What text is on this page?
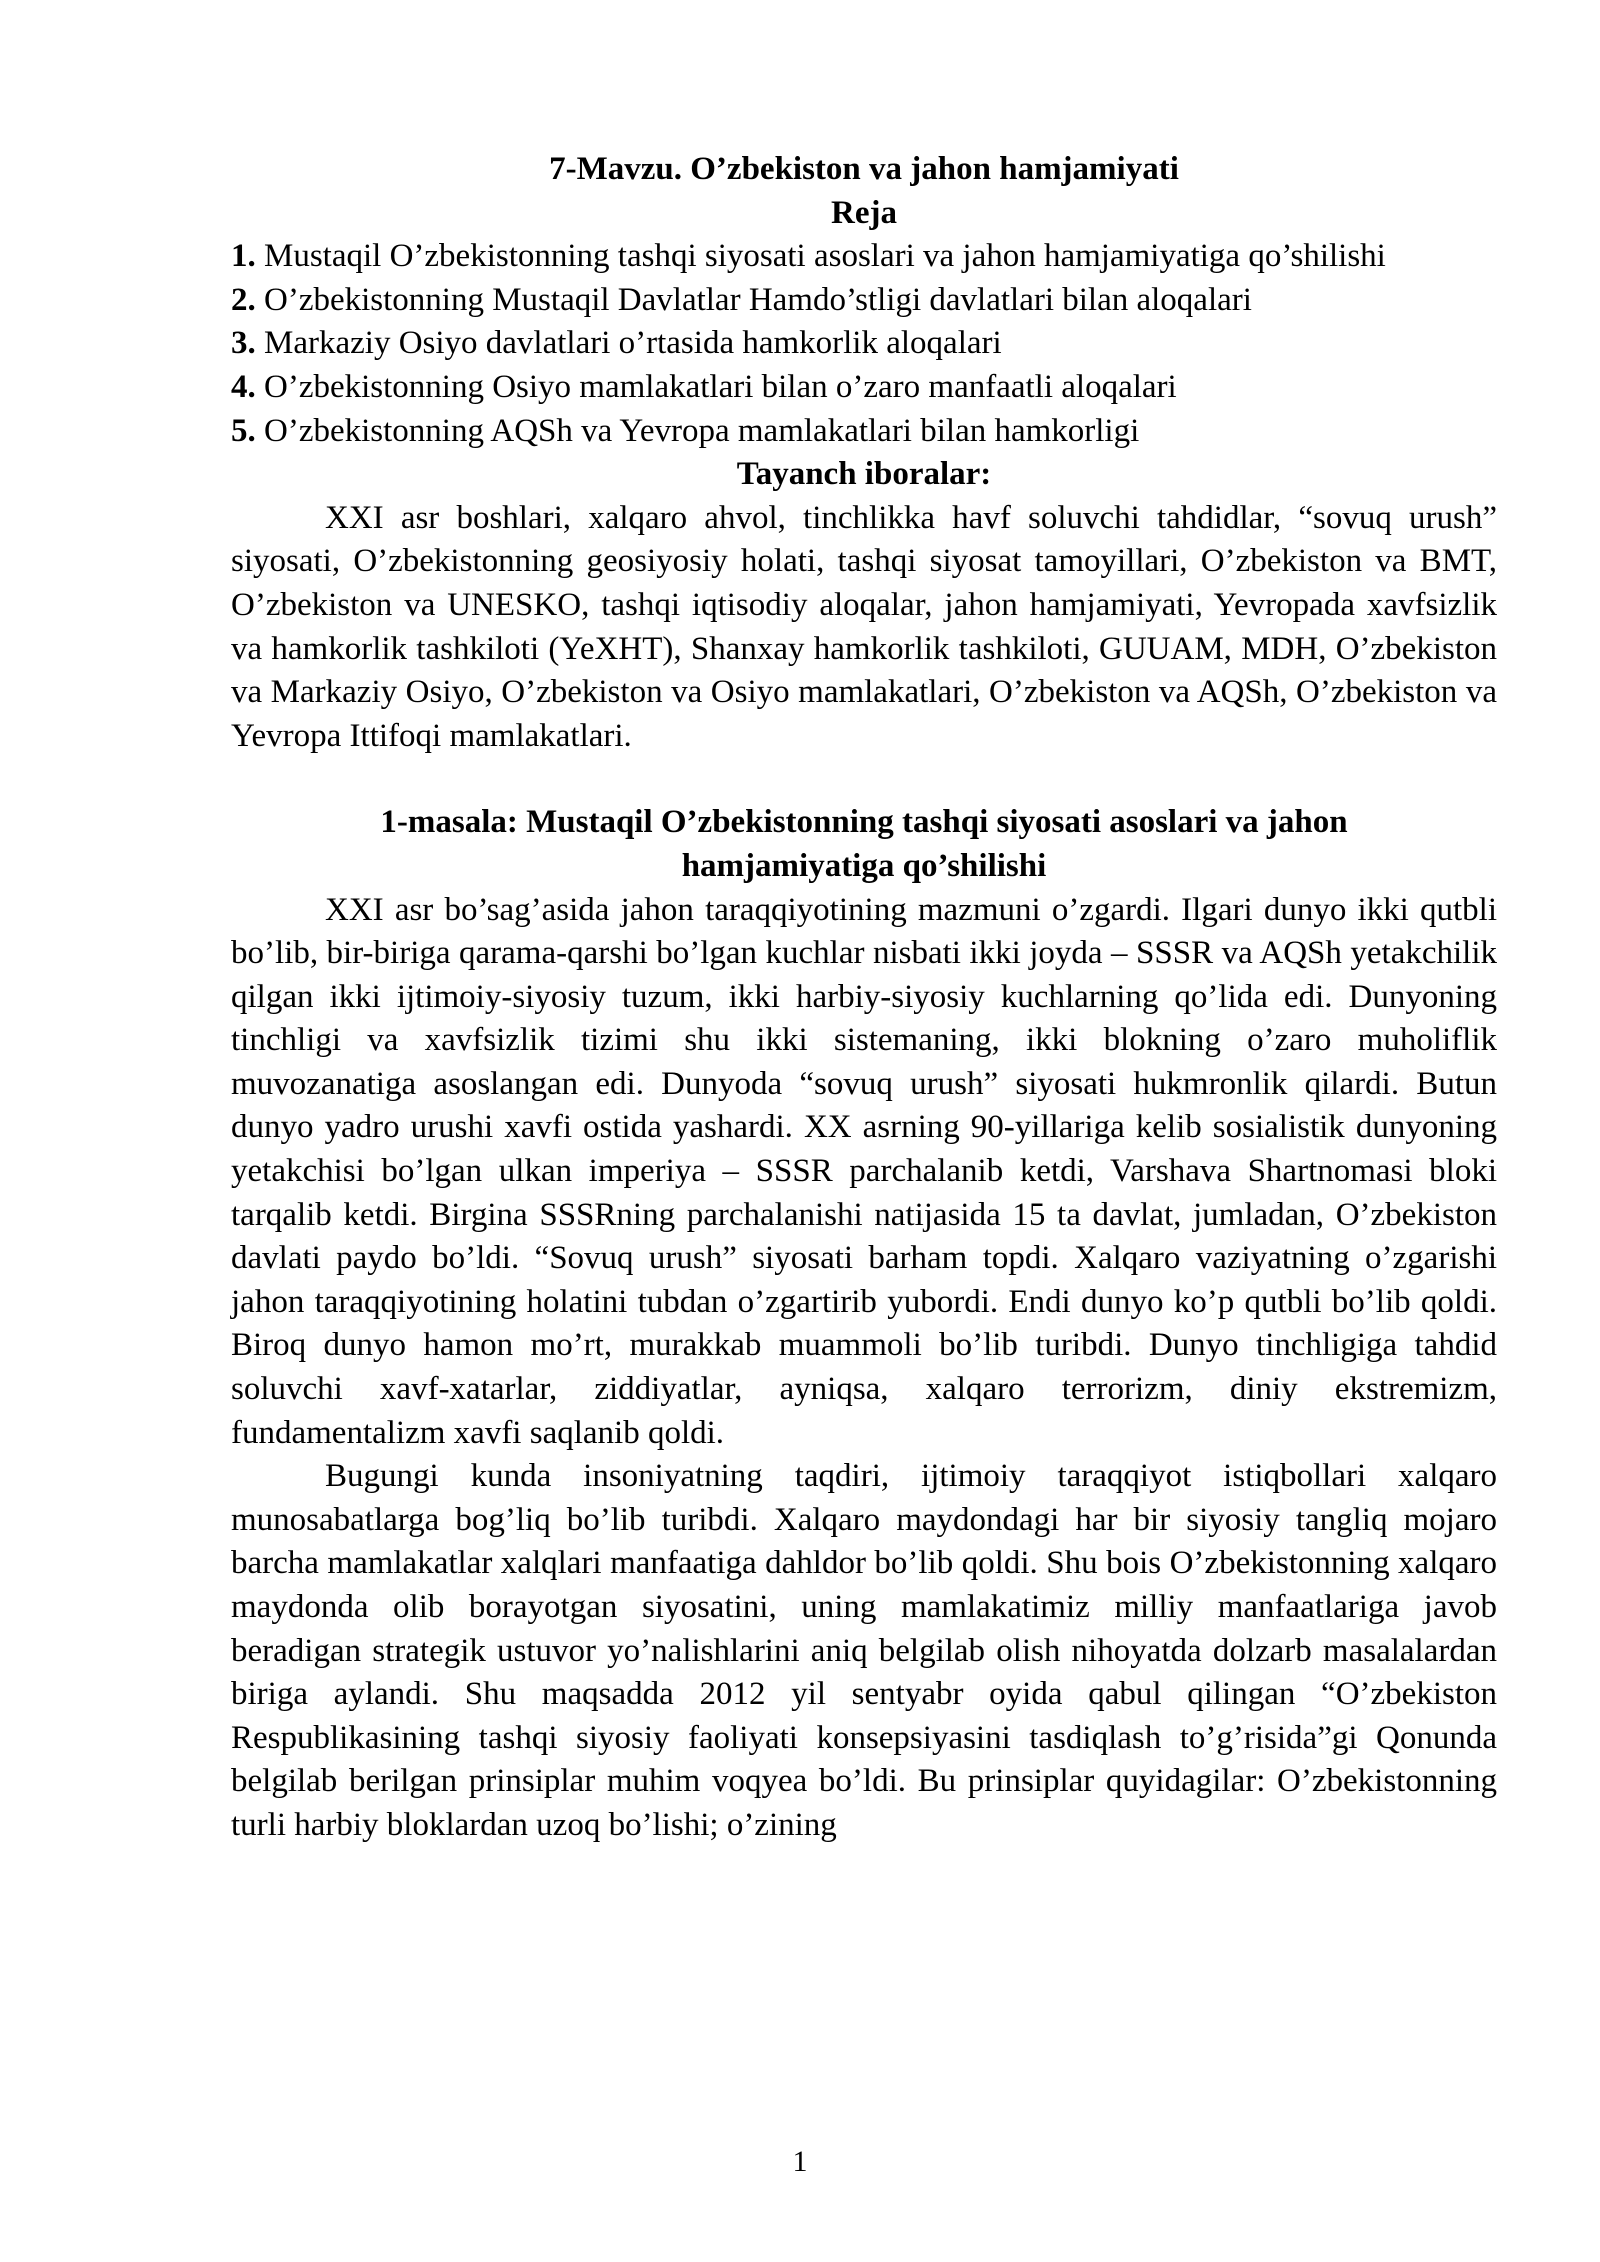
7-Mavzu. O’zbekiston va jahon hamjamiyati
Reja
1. Mustaqil O’zbekistonning tashqi siyosati asoslari va jahon hamjamiyatiga qo’shilishi
2. O’zbekistonning Mustaqil Davlatlar Hamdo’stligi davlatlari bilan aloqalari
3. Markaziy Osiyo davlatlari o’rtasida hamkorlik aloqalari
4. O’zbekistonning Osiyo mamlakatlari bilan o’zaro manfaatli aloqalari
5. O’zbekistonning AQSh va Yevropa mamlakatlari bilan hamkorligi
Tayanch iboralar:
XXI asr boshlari, xalqaro ahvol, tinchlikka havf soluvchi tahdidlar, “sovuq urush” siyosati, O’zbekistonning geosiyosiy holati, tashqi siyosat tamoyillari, O’zbekiston va BMT, O’zbekiston va UNESKO, tashqi iqtisodiy aloqalar, jahon hamjamiyati, Yevropada xavfsizlik va hamkorlik tashkiloti (YeXHT), Shanxay hamkorlik tashkiloti, GUUAM, MDH, O’zbekiston va Markaziy Osiyo, O’zbekiston va Osiyo mamlakatlari, O’zbekiston va AQSh, O’zbekiston va Yevropa Ittifoqi mamlakatlari.
1-masala: Mustaqil O’zbekistonning tashqi siyosati asoslari va jahon hamjamiyatiga qo’shilishi
XXI asr bo’sag’asida jahon taraqqiyotining mazmuni o’zgardi. Ilgari dunyo ikki qutbli bo’lib, bir-biriga qarama-qarshi bo’lgan kuchlar nisbati ikki joyda – SSSR va AQSh yetakchilik qilgan ikki ijtimoiy-siyosiy tuzum, ikki harbiy-siyosiy kuchlarning qo’lida edi. Dunyoning tinchligi va xavfsizlik tizimi shu ikki sistemaning, ikki blokning o’zaro muholiflik muvozanatiga asoslangan edi. Dunyoda “sovuq urush” siyosati hukmronlik qilardi. Butun dunyo yadro urushi xavfi ostida yashardi. XX asrning 90-yillariga kelib sosialistik dunyoning yetakchisi bo’lgan ulkan imperiya – SSSR parchalanib ketdi, Varshava Shartnomasi bloki tarqalib ketdi. Birgina SSSRning parchalanishi natijasida 15 ta davlat, jumladan, O’zbekiston davlati paydo bo’ldi. “Sovuq urush” siyosati barham topdi. Xalqaro vaziyatning o’zgarishi jahon taraqqiyotining holatini tubdan o’zgartirib yubordi. Endi dunyo ko’p qutbli bo’lib qoldi. Biroq dunyo hamon mo’rt, murakkab muammoli bo’lib turibdi. Dunyo tinchligiga tahdid soluvchi xavf-xatarlar, ziddiyatlar, ayniqsa, xalqaro terrorizm, diniy ekstremizm, fundamentalizm xavfi saqlanib qoldi.
Bugungi kunda insoniyatning taqdiri, ijtimoiy taraqqiyot istiqbollari xalqaro munosabatlarga bog’liq bo’lib turibdi. Xalqaro maydondagi har bir siyosiy tangliq mojaro barcha mamlakatlar xalqlari manfaatiga dahldor bo’lib qoldi. Shu bois O’zbekistonning xalqaro maydonda olib borayotgan siyosatini, uning mamlakatimiz milliy manfaatlariga javob beradigan strategik ustuvor yo’nalishlarini aniq belgilab olish nihoyatda dolzarb masalalardan biriga aylandi. Shu maqsadda 2012 yil sentyabr oyida qabul qilingan “O’zbekiston Respublikasining tashqi siyosiy faoliyati konsepsiyasini tasdiqlash to’g’risida”gi Qonunda belgilab berilgan prinsiplar muhim voqyea bo’ldi. Bu prinsiplar quyidagilar: O’zbekistonning turli harbiy bloklardan uzoq bo’lishi; o’zining
1
